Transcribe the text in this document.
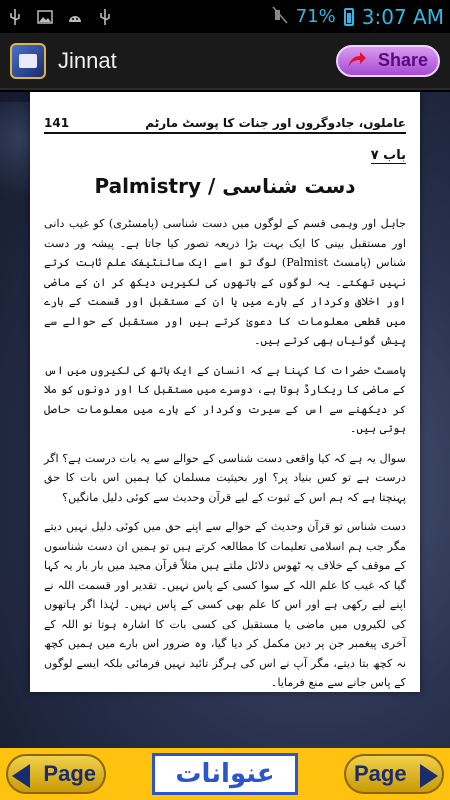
71% 3:07 AM
Jinnat	Share
عاملوں، جادوگروں اور جنات کا پوسٹ مارٹم
141
باب ۷
دست شناسی / Palmistry

جاہل اور وہمی قسم کے لوگوں میں دست شناسی (پامسٹری) کو غیب دانی اور مستقبل بینی کا ایک بہت بڑا ذریعہ تصور کیا جاتا ہے۔ پیشہ ور دست شناس (پامسٹ Palmist) لوگ تو اسے ایک سائنٹیفک علم ثابت کرتے نہیں تھکتے۔ یہ لوگوں کے ہاتھوں کی لکیریں دیکھ کر ان کے ماضی اور اخلاق وکردار کے بارے میں یا ان کے مستقبل اور قسمت کے بارے میں قطعی معلومات کا دعویٰ کرتے ہیں اور مستقبل کے حوالے سے پیش گوئیاں بھی کرتے ہیں۔

پامسٹ حضرات کا کہنا ہے کہ انسان کے ایک ہاتھ کی لکیروں میں اس کے ماضی کا ریکارڈ ہوتا ہے، دوسرے میں مستقبل کا اور دونوں کو ملا کر دیکھنے سے اس کے سیرت وکردار کے بارے میں معلومات حاصل ہوتی ہیں۔

سوال یہ ہے کہ کیا واقعی دست شناسی کے حوالے سے یہ بات درست ہے؟ اگر درست ہے تو کس بنیاد پر؟ اور بحیثیت مسلمان کیا ہمیں اس بات کا حق پہنچتا ہے کہ ہم اس کے ثبوت کے لیے قرآن وحدیث سے کوئی دلیل مانگیں؟

دست شناس تو قرآن وحدیث کے حوالے سے اپنے حق میں کوئی دلیل نہیں دیتے مگر جب ہم اسلامی تعلیمات کا مطالعہ کرتے ہیں تو ہمیں ان دست شناسوں کے موقف کے خلاف یہ ٹھوس دلائل ملتے ہیں مثلاً قرآن مجید میں بار بار یہ کہا گیا کہ غیب کا علم اللہ کے سوا کسی کے پاس نہیں۔ تقدیر اور قسمت اللہ نے اپنے لیے رکھی ہے اور اس کا علم بھی کسی کے پاس نہیں۔ لہٰذا اگر ہاتھوں کی لکیروں میں ماضی یا مستقبل کی کسی بات کا اشارہ ہوتا تو اللہ کے آخری پیغمبر جن پر دین مکمل کر دیا گیا، وہ ضرور اس بارے میں ہمیں کچھ نہ کچھ بتا دیتے، مگر آپ نے اس کی ہرگز تائید نہیں فرمائی بلکہ ایسے لوگوں کے پاس جانے سے منع فرمایا۔

Page	عنوانات	Page
